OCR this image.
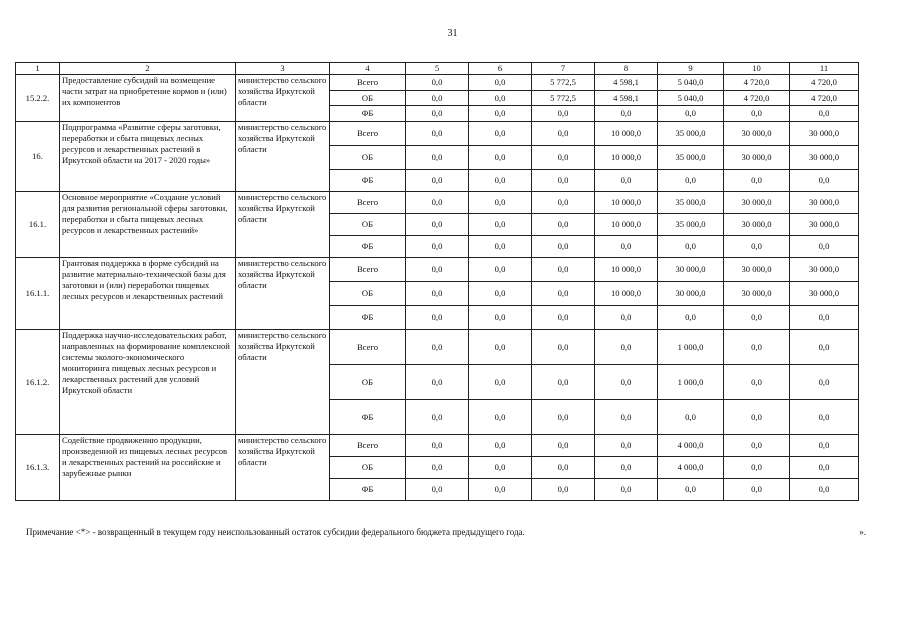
31
1	2	3	4	5	6	7	8	9	10	11
15.2.2.	Предоставление субсидий на возмещение части затрат на приобретение кормов и (или) их компонентов	министерство сельского хозяйства Иркутской области	Всего	0,0	0,0	5 772,5	4 598,1	5 040,0	4 720,0	4 720,0
			ОБ	0,0	0,0	5 772,5	4 598,1	5 040,0	4 720,0	4 720,0
			ФБ	0,0	0,0	0,0	0,0	0,0	0,0	0,0
16.	Подпрограмма «Развитие сферы заготовки, переработки и сбыта пищевых лесных ресурсов и лекарственных растений в Иркутской области на 2017 - 2020 годы»	министерство сельского хозяйства Иркутской области	Всего	0,0	0,0	0,0	10 000,0	35 000,0	30 000,0	30 000,0
			ОБ	0,0	0,0	0,0	10 000,0	35 000,0	30 000,0	30 000,0
			ФБ	0,0	0,0	0,0	0,0	0,0	0,0	0,0
16.1.	Основное мероприятие «Создание условий для развития региональной сферы заготовки, переработки и сбыта пищевых лесных ресурсов и лекарственных растений»	министерство сельского хозяйства Иркутской области	Всего	0,0	0,0	0,0	10 000,0	35 000,0	30 000,0	30 000,0
			ОБ	0,0	0,0	0,0	10 000,0	35 000,0	30 000,0	30 000,0
			ФБ	0,0	0,0	0,0	0,0	0,0	0,0	0,0
16.1.1.	Грантовая поддержка в форме субсидий на развитие материально-технической базы для заготовки и (или) переработки пищевых лесных ресурсов и лекарственных растений	министерство сельского хозяйства Иркутской области	Всего	0,0	0,0	0,0	10 000,0	30 000,0	30 000,0	30 000,0
			ОБ	0,0	0,0	0,0	10 000,0	30 000,0	30 000,0	30 000,0
			ФБ	0,0	0,0	0,0	0,0	0,0	0,0	0,0
16.1.2.	Поддержка научно-исследовательских работ, направленных на формирование комплексной системы эколого-экономического мониторинга пищевых лесных ресурсов и лекарственных растений для условий Иркутской области	министерство сельского хозяйства Иркутской области	Всего	0,0	0,0	0,0	0,0	1 000,0	0,0	0,0
			ОБ	0,0	0,0	0,0	0,0	1 000,0	0,0	0,0
			ФБ	0,0	0,0	0,0	0,0	0,0	0,0	0,0
16.1.3.	Содействие продвижению продукции, произведенной из пищевых лесных ресурсов и лекарственных растений на российские и зарубежные рынки	министерство сельского хозяйства Иркутской области	Всего	0,0	0,0	0,0	0,0	4 000,0	0,0	0,0
			ОБ	0,0	0,0	0,0	0,0	4 000,0	0,0	0,0
			ФБ	0,0	0,0	0,0	0,0	0,0	0,0	0,0
Примечание <*> - возвращенный в текущем году неиспользованный остаток субсидии федерального бюджета предыдущего года.	».
